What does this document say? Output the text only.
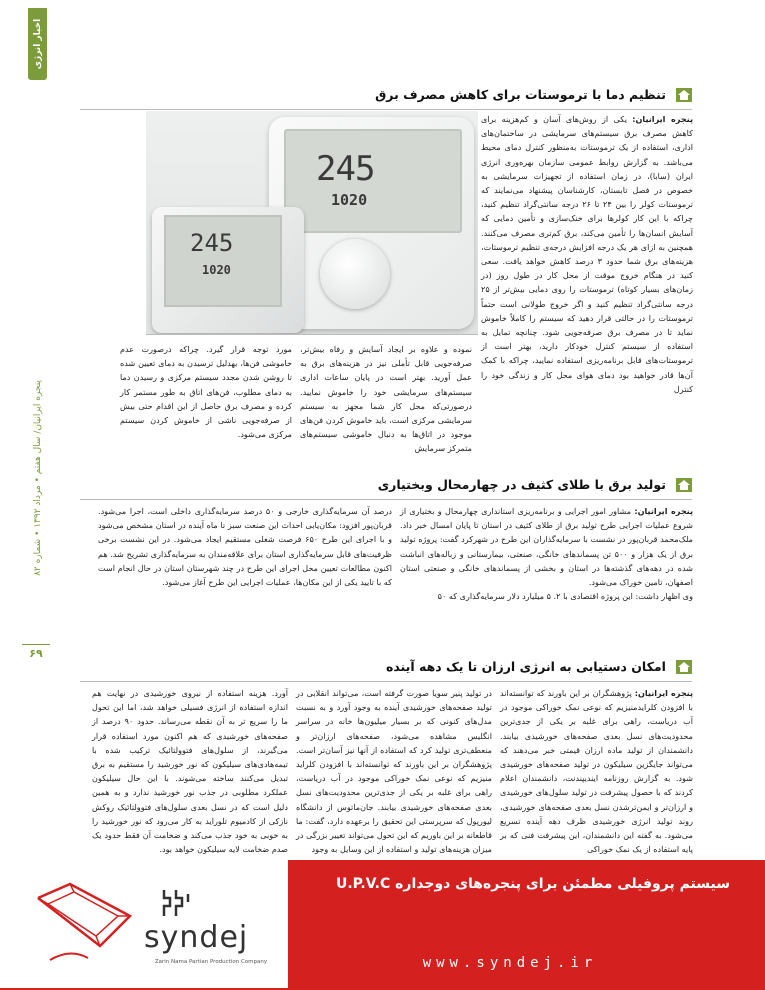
اخبار انرژی
پنجره ایرانیان/ سال هفتم • مرداد ۱۳۹۲ • شماره ۸۲
۶۹
تنظیم دما با ترموستات برای کاهش مصرف برق
پنجره ایرانیان: یکی از روش‌های آسان و کم‌هزینه برای کاهش مصرف برق سیستم‌های سرمایشی در ساختمان‌های اداری، استفاده از یک ترموستات به‌منظور کنترل دمای محیط می‌باشد. به گزارش روابط عمومی سازمان بهره‌وری انرژی ایران (سابا)، در زمان استفاده از تجهیزات سرمایشی به خصوص در فصل تابستان، کارشناسان پیشنهاد می‌نمایند که ترموستات کولر را بین ۲۴ تا ۲۶ درجه سانتی‌گراد تنظیم کنید، چراکه با این کار کولرها برای خنک‌سازی و تأمین دمایی که آسایش انسان‌ها را تأمین می‌کند، برق کم‌تری مصرف می‌کنند. همچنین به ازای هر یک درجه افزایش درجه‌ی تنظیم ترموستات، هزینه‌های برق شما حدود ۳ درصد کاهش خواهد یافت. سعی کنید در هنگام خروج موقت از محل کار در طول روز (در زمان‌های بسیار کوتاه) ترموستات را روی دمایی بیش‌تر از ۲۵ درجه سانتی‌گراد تنظیم کنید و اگر خروج طولانی است حتماً ترموستات را در حالتی قرار دهید که سیستم را کاملاً خاموش نماید تا در مصرف برق صرفه‌جویی شود. چنانچه تمایل به استفاده از سیستم کنترل خودکار دارید، بهتر است از ترموستات‌های قابل برنامه‌ریزی استفاده نمایید، چراکه با کمک آن‌ها قادر خواهید بود دمای هوای محل کار و زندگی خود را کنترل
245
1020
245
1020
نموده و علاوه بر ایجاد آسایش و رفاه بیش‌تر، صرفه‌جویی قابل تأملی نیز در هزینه‌های برق به عمل آورید. بهتر است در پایان ساعات اداری سیستم‌های سرمایشی خود را خاموش نمایید. درصورتی‌که محل کار شما مجهز به سیستم سرمایشی مرکزی است، باید خاموش کردن فن‌های موجود در اتاق‌ها به دنبال خاموشی سیستم‌های متمرکز سرمایش
مورد توجه قرار گیرد. چراکه درصورت عدم خاموشی فن‌ها، بهدلیل ترسیدن به دمای تعیین شده تا روشن شدن مجدد سیستم مرکزی و رسیدن دما به دمای مطلوب، فن‌های اتاق به طور مستمر کار کرده و مصرف برق حاصل از این اقدام حتی بیش از صرفه‌جویی ناشی از خاموش کردن سیستم مرکزی می‌شود.
تولید برق با طلای کثیف در چهارمحال وبختیاری
پنجره ایرانیان: مشاور امور اجرایی و برنامه‌ریزی استانداری چهارمحال و بختیاری از شروع عملیات اجرایی طرح تولید برق از طلای کثیف در استان تا پایان امسال خبر داد. ملک‌محمد قربان‌پور در نشست با سرمایه‌گذاران این طرح در شهرکرد گفت: پروژه تولید برق از یک هزار و ۵۰۰ تن پسماندهای خانگی، صنعتی، بیمارستانی و زباله‌های انباشت شده در دهه‌های گذشته‌ها در استان و بخشی از پسماندهای خانگی و صنعتی استان اصفهان، تامین خوراک می‌شود.
وی اظهار داشت: این پروژه اقتصادی با ۲. ۵ میلیارد دلار سرمایه‌گذاری که ۵۰
درصد آن سرمایه‌گذاری خارجی و ۵۰ درصد سرمایه‌گذاری داخلی است، اجرا می‌شود. قربان‌پور افزود: مکان‌یابی احداث این صنعت سبز تا ماه آینده در استان مشخص می‌شود و با اجرای این طرح ۶۵۰ فرصت شغلی مستقیم ایجاد می‌شود. در این نشست برخی ظرفیت‌های قابل سرمایه‌گذاری استان برای علاقه‌مندان به سرمایه‌گذاری تشریح شد. هم اکنون مطالعات تعیین محل اجرای این طرح در چند شهرستان استان در حال انجام است که با تایید یکی از این مکان‌ها، عملیات اجرایی این طرح آغاز می‌شود.
امکان دستیابی به انرژی ارزان تا یک دهه آینده
پنجره ایرانیان: پژوهشگران بر این باورند که توانسته‌اند با افزودن کلرایدمنیزیم که نوعی نمک خوراکی موجود در آب دریاست، راهی برای غلبه بر یکی از جدی‌ترین محدودیت‌های نسل بعدی صفحه‌های خورشیدی بیابند. دانشمندان از تولید ماده ارزان قیمتی خبر می‌دهند که می‌تواند جایگزین سیلیکون در تولید صفحه‌های خورشیدی شود. به گزارش روزنامه ایندیپندنت، دانشمندان اعلام کردند که با حصول پیشرفت در تولید سلول‌های خورشیدی و ارزان‌تر و ایمن‌ترشدن نسل بعدی صفحه‌های خورشیدی، روند تولید انرژی خورشیدی ظرف دهه آینده تسریع می‌شود. به گفته این دانشمندان، این پیشرفت فنی که بر پایه استفاده از یک نمک خوراکی
در تولید پنیر سویا صورت گرفته است، می‌تواند انقلابی در تولید صفحه‌های خورشیدی آینده به وجود آورد و به نسبت مدل‌های کنونی که بر بسیار میلیون‌ها خانه در سراسر انگلیس مشاهده می‌شود، صفحه‌های ارزان‌تر و منعطف‌تری تولید کرد که استفاده از آنها نیز آسان‌تر است. پژوهشگران بر این باورند که توانسته‌اند با افزودن کلراید منیزیم که نوعی نمک خوراکی موجود در آب دریاست، راهی برای غلبه بر یکی از جدی‌ترین محدودیت‌های نسل بعدی صفحه‌های خورشیدی بیابند. جان‌ماتوس از دانشگاه لیورپول که سرپرستی این تحقیق را برعهده دارد، گفت: ما قاطعانه بر این باوریم که این تحول می‌تواند تغییر بزرگی در میزان هزینه‌های تولید و استفاده از این وسایل به وجود
آورد. هزینه استفاده از نیروی خورشیدی در نهایت هم اندازه استفاده از انرژی فسیلی خواهد شد، اما این تحول ما را سریع تر به آن نقطه می‌رساند. حدود ۹۰ درصد از صفحه‌های خورشیدی که هم اکنون مورد استفاده قرار می‌گیرند، از سلول‌های فتوولتائیک ترکیب شده با تیمه‌هادی‌های سیلیکون که نور خورشید را مستقیم به برق تبدیل می‌کنند ساخته می‌شوند. با این حال سیلیکون عملکرد مطلوبی در جذب نور خورشید ندارد و به همین دلیل است که در نسل بعدی سلول‌های فتوولتائیک روکش نازکی از کادمیوم تلوراید به کار می‌رود که نور خورشید را به خوبی به خود جذب می‌کند و ضخامت آن فقط حدود یک صدم ضخامت لایه سیلیکون خواهد بود.
سیستم پروفیلی مطمئن برای پنجره‌های دوجداره U.P.V.C
www.syndej.ir
syndej
Zarin Nama Partian Production Company
